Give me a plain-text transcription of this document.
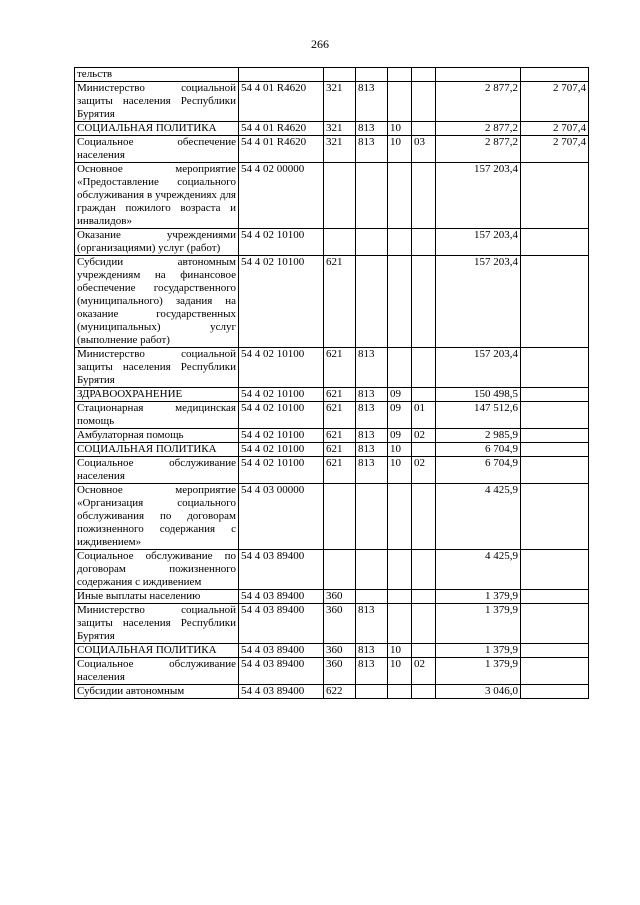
266
тельств							
Министерство социальной защиты населения Республики Бурятия	54 4 01 R4620	321	813			2 877,2	2 707,4
СОЦИАЛЬНАЯ ПОЛИТИКА	54 4 01 R4620	321	813	10		2 877,2	2 707,4
Социальное обеспечение населения	54 4 01 R4620	321	813	10	03	2 877,2	2 707,4
Основное мероприятие «Предоставление социального обслуживания в учреждениях для граждан пожилого возраста и инвалидов»	54 4 02 00000					157 203,4	
Оказание учреждениями (организациями) услуг (работ)	54 4 02 10100					157 203,4	
Субсидии автономным учреждениям на финансовое обеспечение государственного (муниципального) задания на оказание государственных (муниципальных) услуг (выполнение работ)	54 4 02 10100	621				157 203,4	
Министерство социальной защиты населения Республики Бурятия	54 4 02 10100	621	813			157 203,4	
ЗДРАВООХРАНЕНИЕ	54 4 02 10100	621	813	09		150 498,5	
Стационарная медицинская помощь	54 4 02 10100	621	813	09	01	147 512,6	
Амбулаторная помощь	54 4 02 10100	621	813	09	02	2 985,9	
СОЦИАЛЬНАЯ ПОЛИТИКА	54 4 02 10100	621	813	10		6 704,9	
Социальное обслуживание населения	54 4 02 10100	621	813	10	02	6 704,9	
Основное мероприятие «Организация социального обслуживания по договорам пожизненного содержания с иждивением»	54 4 03 00000					4 425,9	
Социальное обслуживание по договорам пожизненного содержания с иждивением	54 4 03 89400					4 425,9	
Иные выплаты населению	54 4 03 89400	360				1 379,9	
Министерство социальной защиты населения Республики Бурятия	54 4 03 89400	360	813			1 379,9	
СОЦИАЛЬНАЯ ПОЛИТИКА	54 4 03 89400	360	813	10		1 379,9	
Социальное обслуживание населения	54 4 03 89400	360	813	10	02	1 379,9	
Субсидии автономным	54 4 03 89400	622				3 046,0	
